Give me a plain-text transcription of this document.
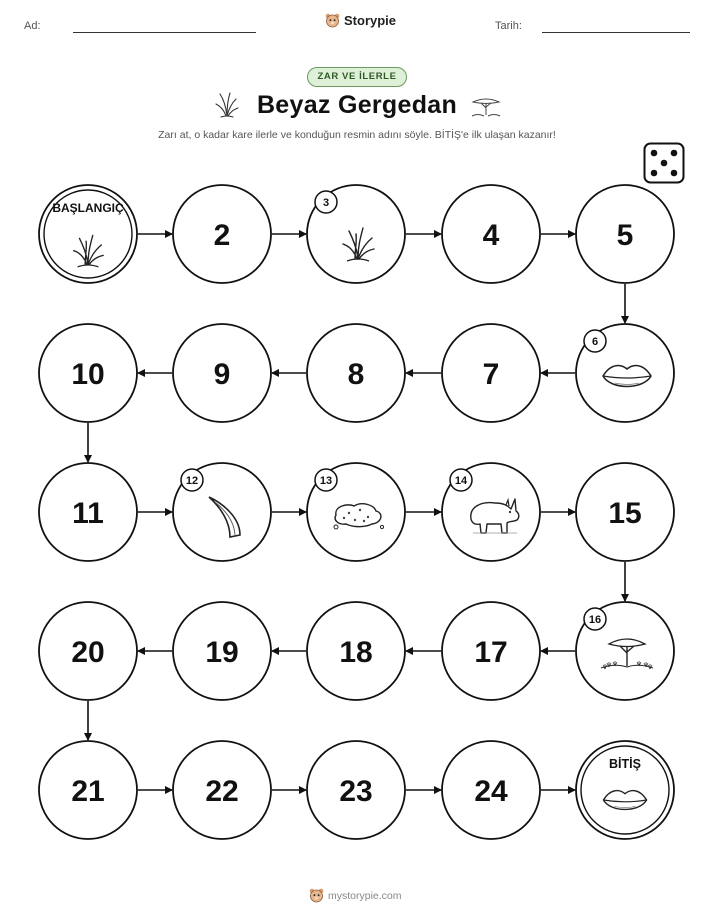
Ad:	Storypie	Tarih:
ZAR VE İLERLE
Beyaz Gergedan
Zarı at, o kadar kare ilerle ve konduğun resmin adını söyle. BİTİŞ'e ilk ulaşan kazanır!
BAŞLANGIÇ
2
3
4	5
6
7
8
9
10
11
12	13	14
15
16
17
18
19
20
21	22	23	24
BİTİŞ
mystorypie.com
